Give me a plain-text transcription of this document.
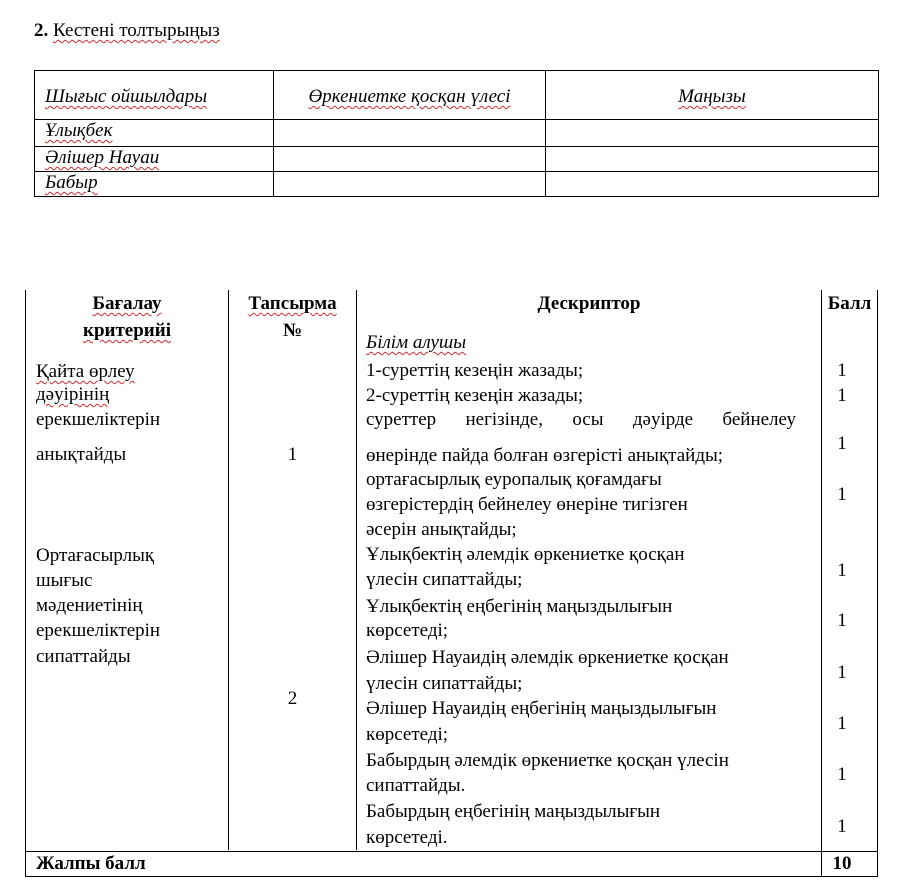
2. Кестені толтырыңыз
Шығыс ойшылдары	Өркениетке қосқан үлесі	Маңызы
Ұлықбек
Әлішер Науаи
Бабыр
Бағалау
критерийі
Тапсырма
№
Дескриптор	Балл
Білім алушы
Қайта өрлеу
дәуірінің
ерекшеліктерін
анықтайды
Ортағасырлық
шығыс
мәдениетінің
ерекшеліктерін
сипаттайды
1
2
1-суреттің кезеңін жазады;
2-суреттің кезеңін жазады;
суреттер негізінде, осы дәуірде бейнелеу
өнерінде пайда болған өзгерісті анықтайды;
ортағасырлық еуропалық қоғамдағы
өзгерістердің бейнелеу өнеріне тигізген
әсерін анықтайды;
Ұлықбектің әлемдік өркениетке қосқан
үлесін сипаттайды;
Ұлықбектің еңбегінің маңыздылығын
көрсетеді;
Әлішер Науаидің әлемдік өркениетке қосқан
үлесін сипаттайды;
Әлішер Науаидің еңбегінің маңыздылығын
көрсетеді;
Бабырдың әлемдік өркениетке қосқан үлесін
сипаттайды.
Бабырдың еңбегінің маңыздылығын
көрсетеді.
1
1
1
1
1
1
1
1
1
1
Жалпы балл	10
